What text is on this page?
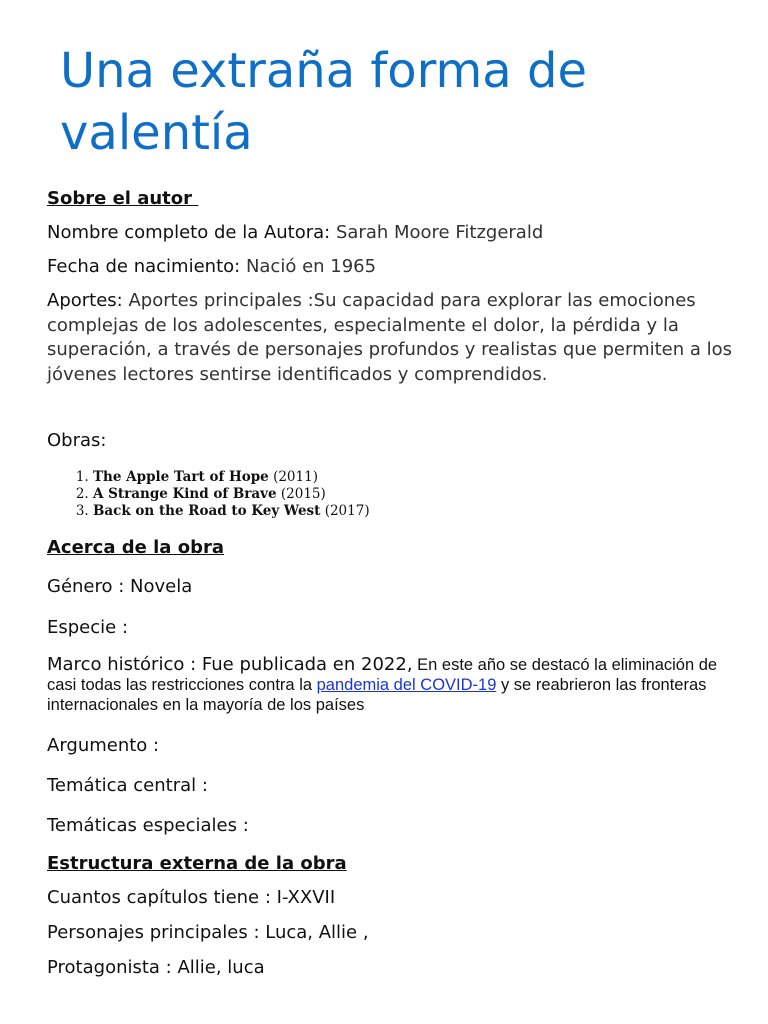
Una extraña forma de valentía
Sobre el autor
Nombre completo de la Autora: Sarah Moore Fitzgerald
Fecha de nacimiento: Nació en 1965
Aportes: Aportes principales :Su capacidad para explorar las emociones complejas de los adolescentes, especialmente el dolor, la pérdida y la superación, a través de personajes profundos y realistas que permiten a los jóvenes lectores sentirse identificados y comprendidos.
Obras:
1. The Apple Tart of Hope (2011)
2. A Strange Kind of Brave (2015)
3. Back on the Road to Key West (2017)
Acerca de la obra
Género : Novela
Especie :
Marco histórico : Fue publicada en 2022, En este año se destacó la eliminación de casi todas las restricciones contra la pandemia del COVID-19 y se reabrieron las fronteras internacionales en la mayoría de los países
Argumento :
Temática central :
Temáticas especiales :
Estructura externa de la obra
Cuantos capítulos tiene : I-XXVII
Personajes principales : Luca, Allie ,
Protagonista : Allie, luca
